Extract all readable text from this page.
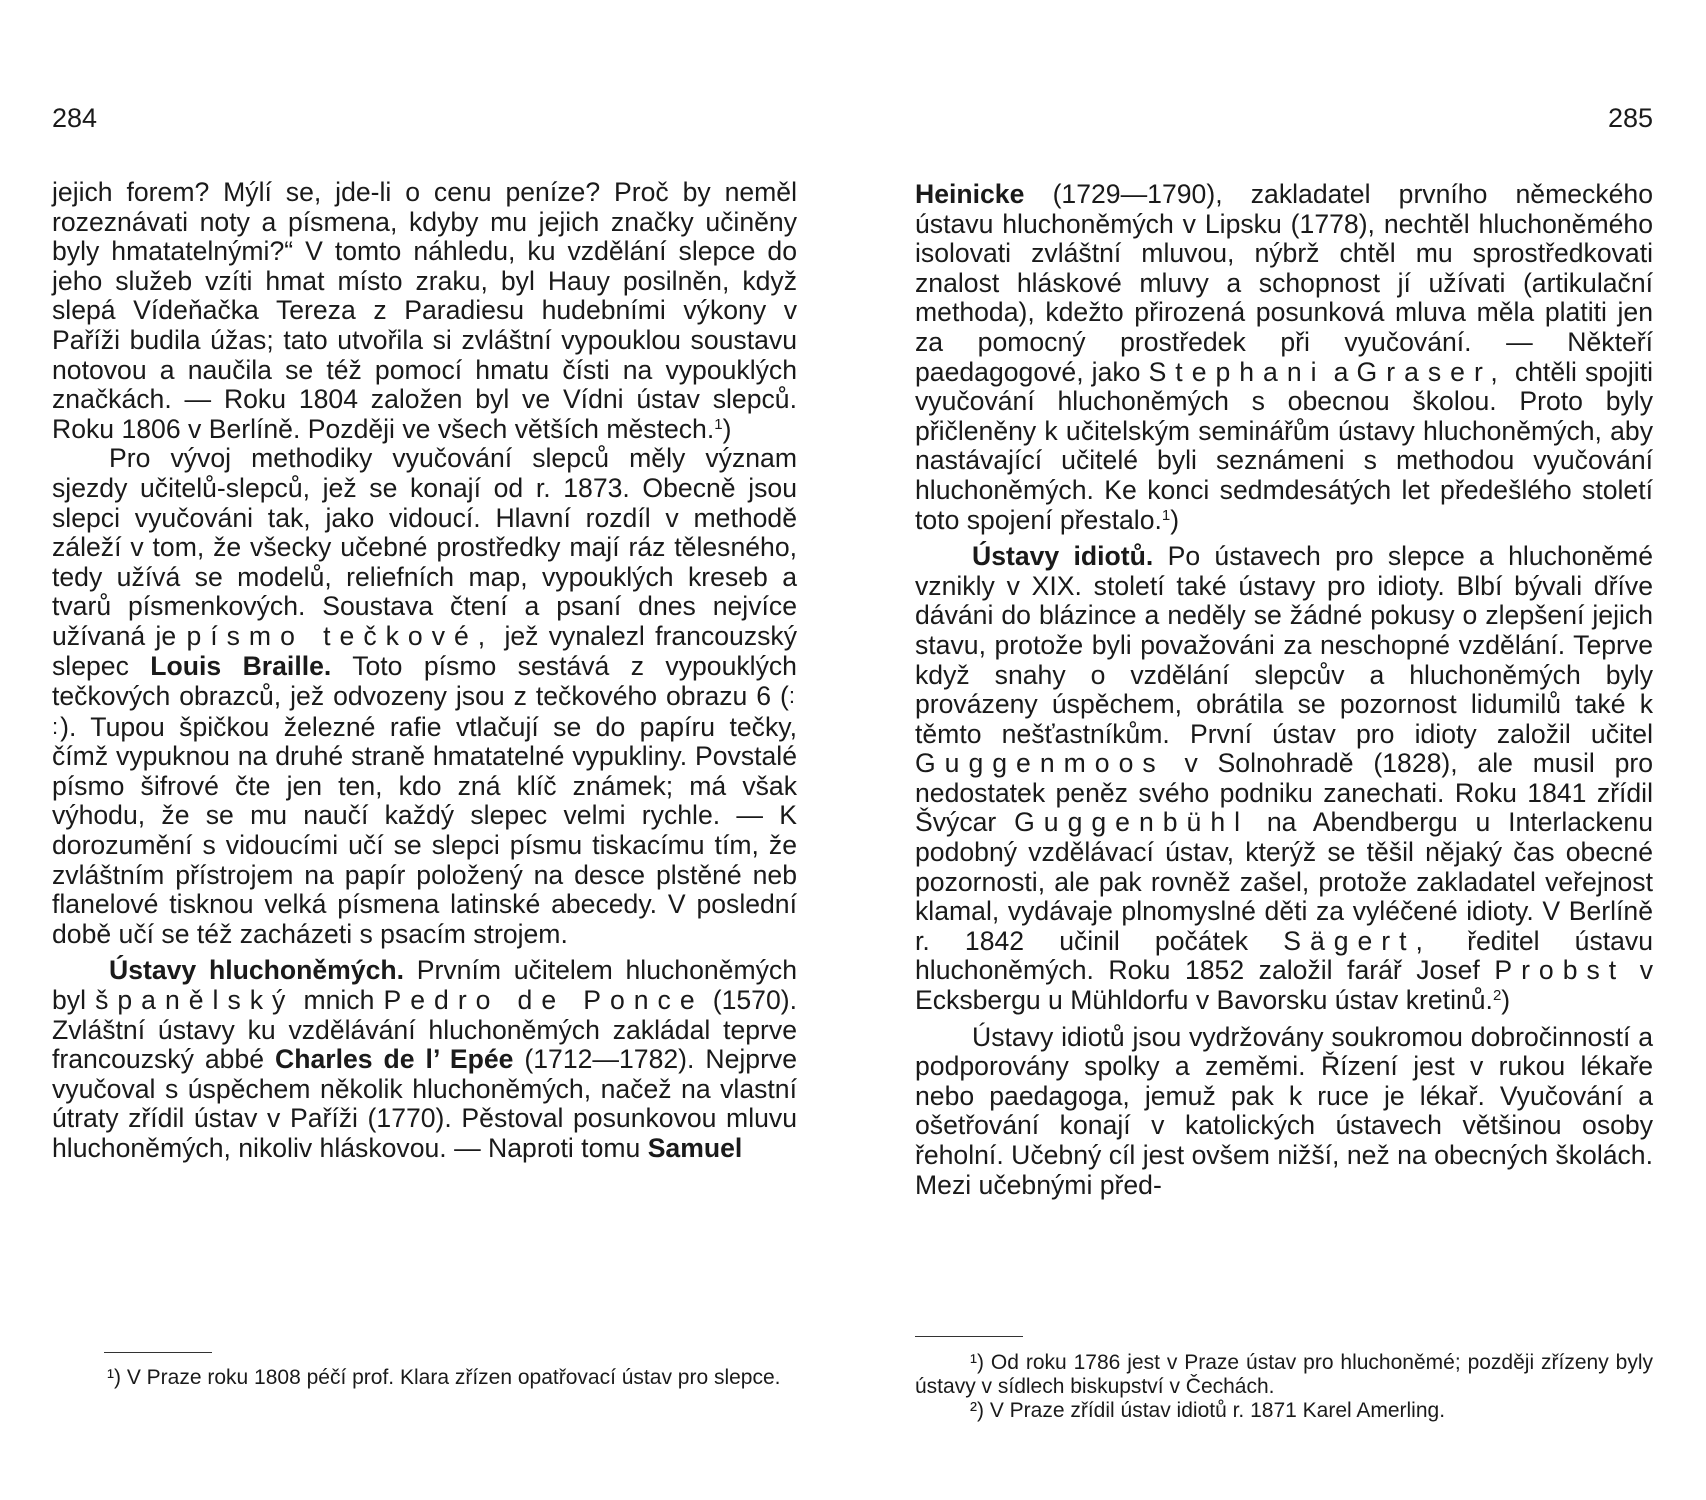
284

jejich forem? Mýlí se, jde-li o cenu peníze? Proč by neměl rozeznávati noty a písmena, kdyby mu jejich značky učiněny byly hmatatelnými?“ V tomto náhledu, ku vzdělání slepce do jeho služeb vzíti hmat místo zraku, byl Hauy posilněn, když slepá Vídeňačka Tereza z Paradiesu hudebními výkony v Paříži budila úžas; tato utvořila si zvláštní vypouklou soustavu notovou a naučila se též pomocí hmatu čísti na vypouklých značkách. — Roku 1804 založen byl ve Vídni ústav slepců. Roku 1806 v Berlíně. Později ve všech větších městech.$^1$)

Pro vývoj methodiky vyučování slepců měly význam sjezdy učitelů-slepců, jež se konají od r. 1873. Obecně jsou slepci vyučováni tak, jako vidoucí. Hlavní rozdíl v methodě záleží v tom, že všecky učebné prostředky mají ráz tělesného, tedy užívá se modelů, reliefních map, vypouklých kreseb a tvarů písmenkových. Soustava čtení a psaní dnes nejvíce užívaná je písmo tečkové, jež vynalezl francouzský slepec Louis Braille. Toto písmo sestává z vypouklých tečkových obrazců, jež odvozeny jsou z tečkového obrazu 6 (: :). Tupou špičkou železné rafie vtlačují se do papíru tečky, čímž vypuknou na druhé straně hmatatelné vypukliny. Povstalé písmo šifrové čte jen ten, kdo zná klíč známek; má však výhodu, že se mu naučí každý slepec velmi rychle. — K dorozumění s vidoucími učí se slepci písmu tiskacímu tím, že zvláštním přístrojem na papír položený na desce plstěné neb flanelové tisknou velká písmena latinské abecedy. V poslední době učí se též zacházeti s psacím strojem.

Ústavy hluchoněmých. Prvním učitelem hluchoněmých byl španělský mnich Pedro de Ponce (1570). Zvláštní ústavy ku vzdělávání hluchoněmých zakládal teprve francouzský abbé Charles de l’ Epée (1712—1782). Nejprve vyučoval s úspěchem několik hluchoněmých, načež na vlastní útraty zřídil ústav v Paříži (1770). Pěstoval posunkovou mluvu hluchoněmých, nikoliv hláskovou. — Naproti tomu Samuel

¹) V Praze roku 1808 péčí prof. Klara zřízen opatřovací ústav pro slepce.

285

Heinicke (1729—1790), zakladatel prvního německého ústavu hluchoněmých v Lipsku (1778), nechtěl hluchoněmého isolovati zvláštní mluvou, nýbrž chtěl mu sprostředkovati znalost hláskové mluvy a schopnost jí užívati (artikulační methoda), kdežto přirozená posunková mluva měla platiti jen za pomocný prostředek při vyučování. — Někteří paedagogové, jako Stephani a Graser, chtěli spojiti vyučování hluchoněmých s obecnou školou. Proto byly přičleněny k učitelským seminářům ústavy hluchoněmých, aby nastávající učitelé byli seznámeni s methodou vyučování hluchoněmých. Ke konci sedmdesátých let předešlého století toto spojení přestalo.$^1$)

Ústavy idiotů. Po ústavech pro slepce a hluchoněmé vznikly v XIX. století také ústavy pro idioty. Blbí bývali dříve dáváni do blázince a neděly se žádné pokusy o zlepšení jejich stavu, protože byli považováni za neschopné vzdělání. Teprve když snahy o vzdělání slepcův a hluchoněmých byly provázeny úspěchem, obrátila se pozornost lidumilů také k těmto nešťastníkům. První ústav pro idioty založil učitel Guggenmoos v Solnohradě (1828), ale musil pro nedostatek peněz svého podniku zanechati. Roku 1841 zřídil Švýcar Guggenbühl na Abendbergu u Interlackenu podobný vzdělávací ústav, kterýž se těšil nějaký čas obecné pozornosti, ale pak rovněž zašel, protože zakladatel veřejnost klamal, vydávaje plnomyslné děti za vyléčené idioty. V Berlíně r. 1842 učinil počátek Sägert, ředitel ústavu hluchoněmých. Roku 1852 založil farář Josef Probst v Ecksbergu u Mühldorfu v Bavorsku ústav kretinů.$^2$)

Ústavy idiotů jsou vydržovány soukromou dobročinností a podporovány spolky a zeměmi. Řízení jest v rukou lékaře nebo paedagoga, jemuž pak k ruce je lékař. Vyučování a ošetřování konají v katolických ústavech většinou osoby řeholní. Učebný cíl jest ovšem nižší, než na obecných školách. Mezi učebnými před-

¹) Od roku 1786 jest v Praze ústav pro hluchoněmé; později zřízeny byly ústavy v sídlech biskupství v Čechách.

²) V Praze zřídil ústav idiotů r. 1871 Karel Amerling.
